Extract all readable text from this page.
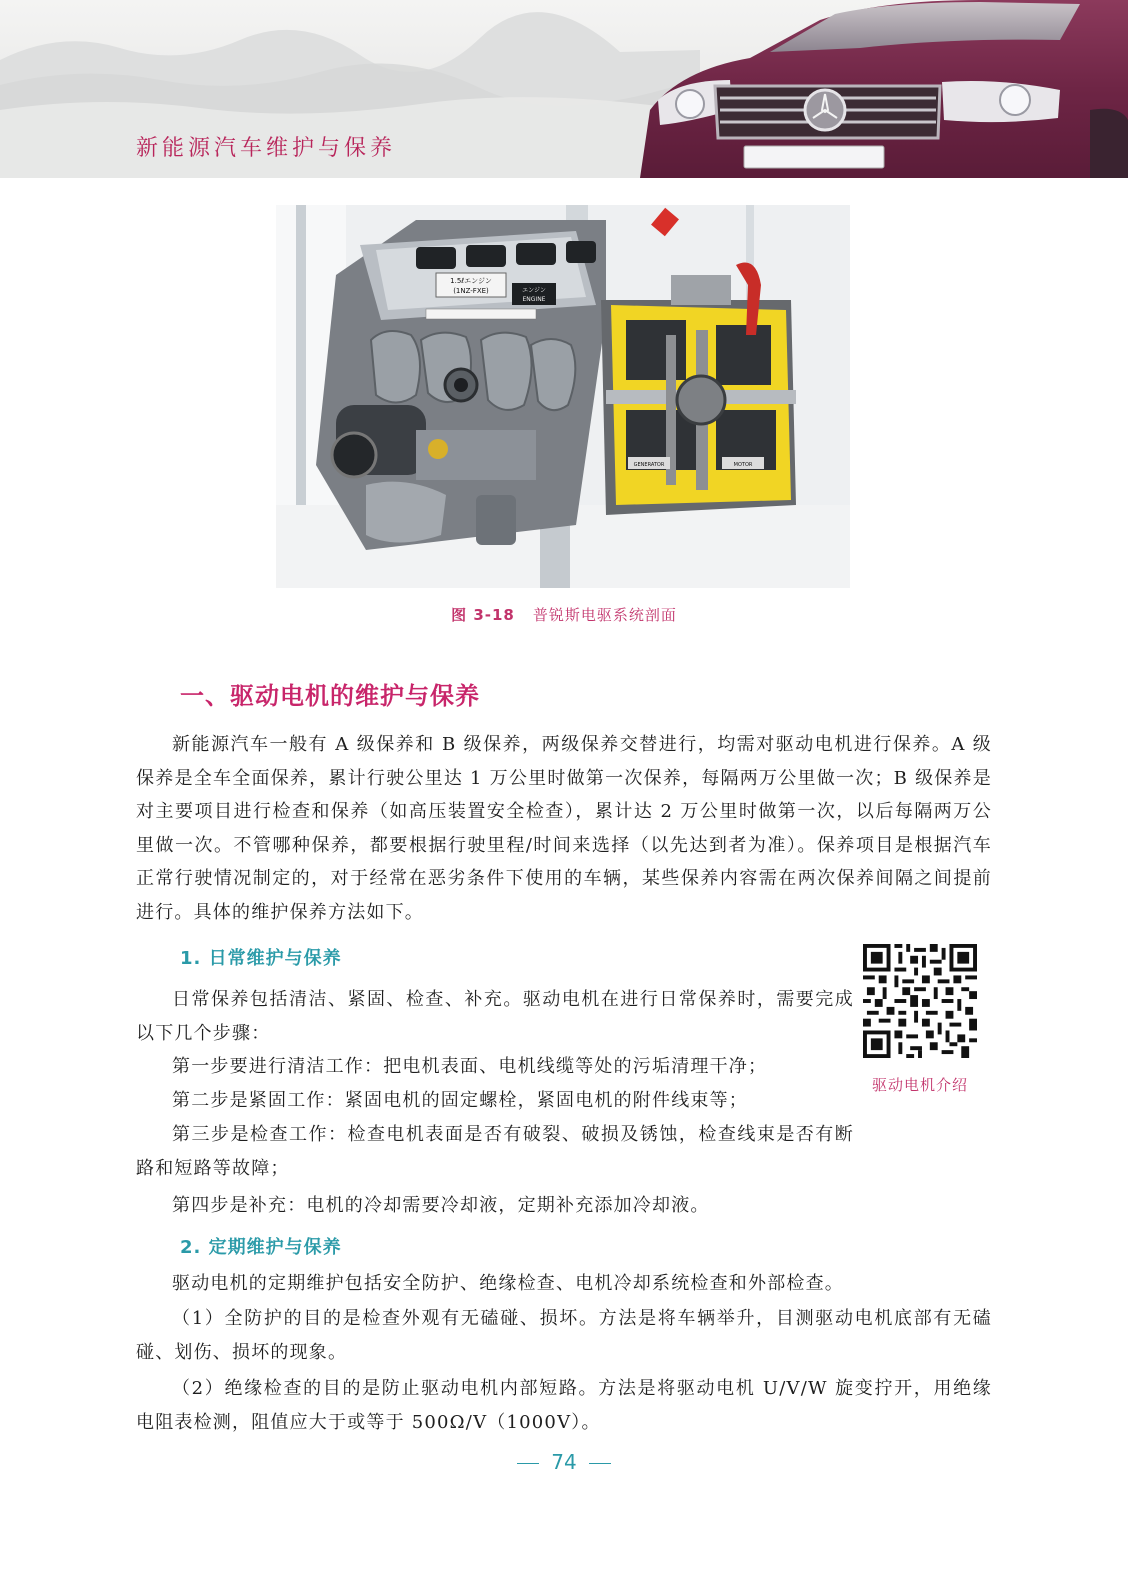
新能源汽车维护与保养
1.5ℓエンジン
(1NZ-FXE)	エンジン
ENGINE
GENERATOR	MOTOR
图 3-18 普锐斯电驱系统剖面
一、驱动电机的维护与保养

新能源汽车一般有 A 级保养和 B 级保养，两级保养交替进行，均需对驱动电机进行保养。A 级保养是全车全面保养，累计行驶公里达 1 万公里时做第一次保养，每隔两万公里做一次；B 级保养是对主要项目进行检查和保养（如高压装置安全检查），累计达 2 万公里时做第一次，以后每隔两万公里做一次。不管哪种保养，都要根据行驶里程/时间来选择（以先达到者为准）。保养项目是根据汽车正常行驶情况制定的，对于经常在恶劣条件下使用的车辆，某些保养内容需在两次保养间隔之间提前进行。具体的维护保养方法如下。

1. 日常维护与保养

日常保养包括清洁、紧固、检查、补充。驱动电机在进行日常保养时，需要完成以下几个步骤：

第一步要进行清洁工作：把电机表面、电机线缆等处的污垢清理干净；

第二步是紧固工作：紧固电机的固定螺栓，紧固电机的附件线束等；

第三步是检查工作：检查电机表面是否有破裂、破损及锈蚀，检查线束是否有断路和短路等故障；

第四步是补充：电机的冷却需要冷却液，定期补充添加冷却液。

驱动电机介绍
2. 定期维护与保养

驱动电机的定期维护包括安全防护、绝缘检查、电机冷却系统检查和外部检查。

（1）全防护的目的是检查外观有无磕碰、损坏。方法是将车辆举升，目测驱动电机底部有无磕碰、划伤、损坏的现象。

（2）绝缘检查的目的是防止驱动电机内部短路。方法是将驱动电机 U/V/W 旋变拧开，用绝缘电阻表检测，阻值应大于或等于 500Ω/V（1000V）。

74
